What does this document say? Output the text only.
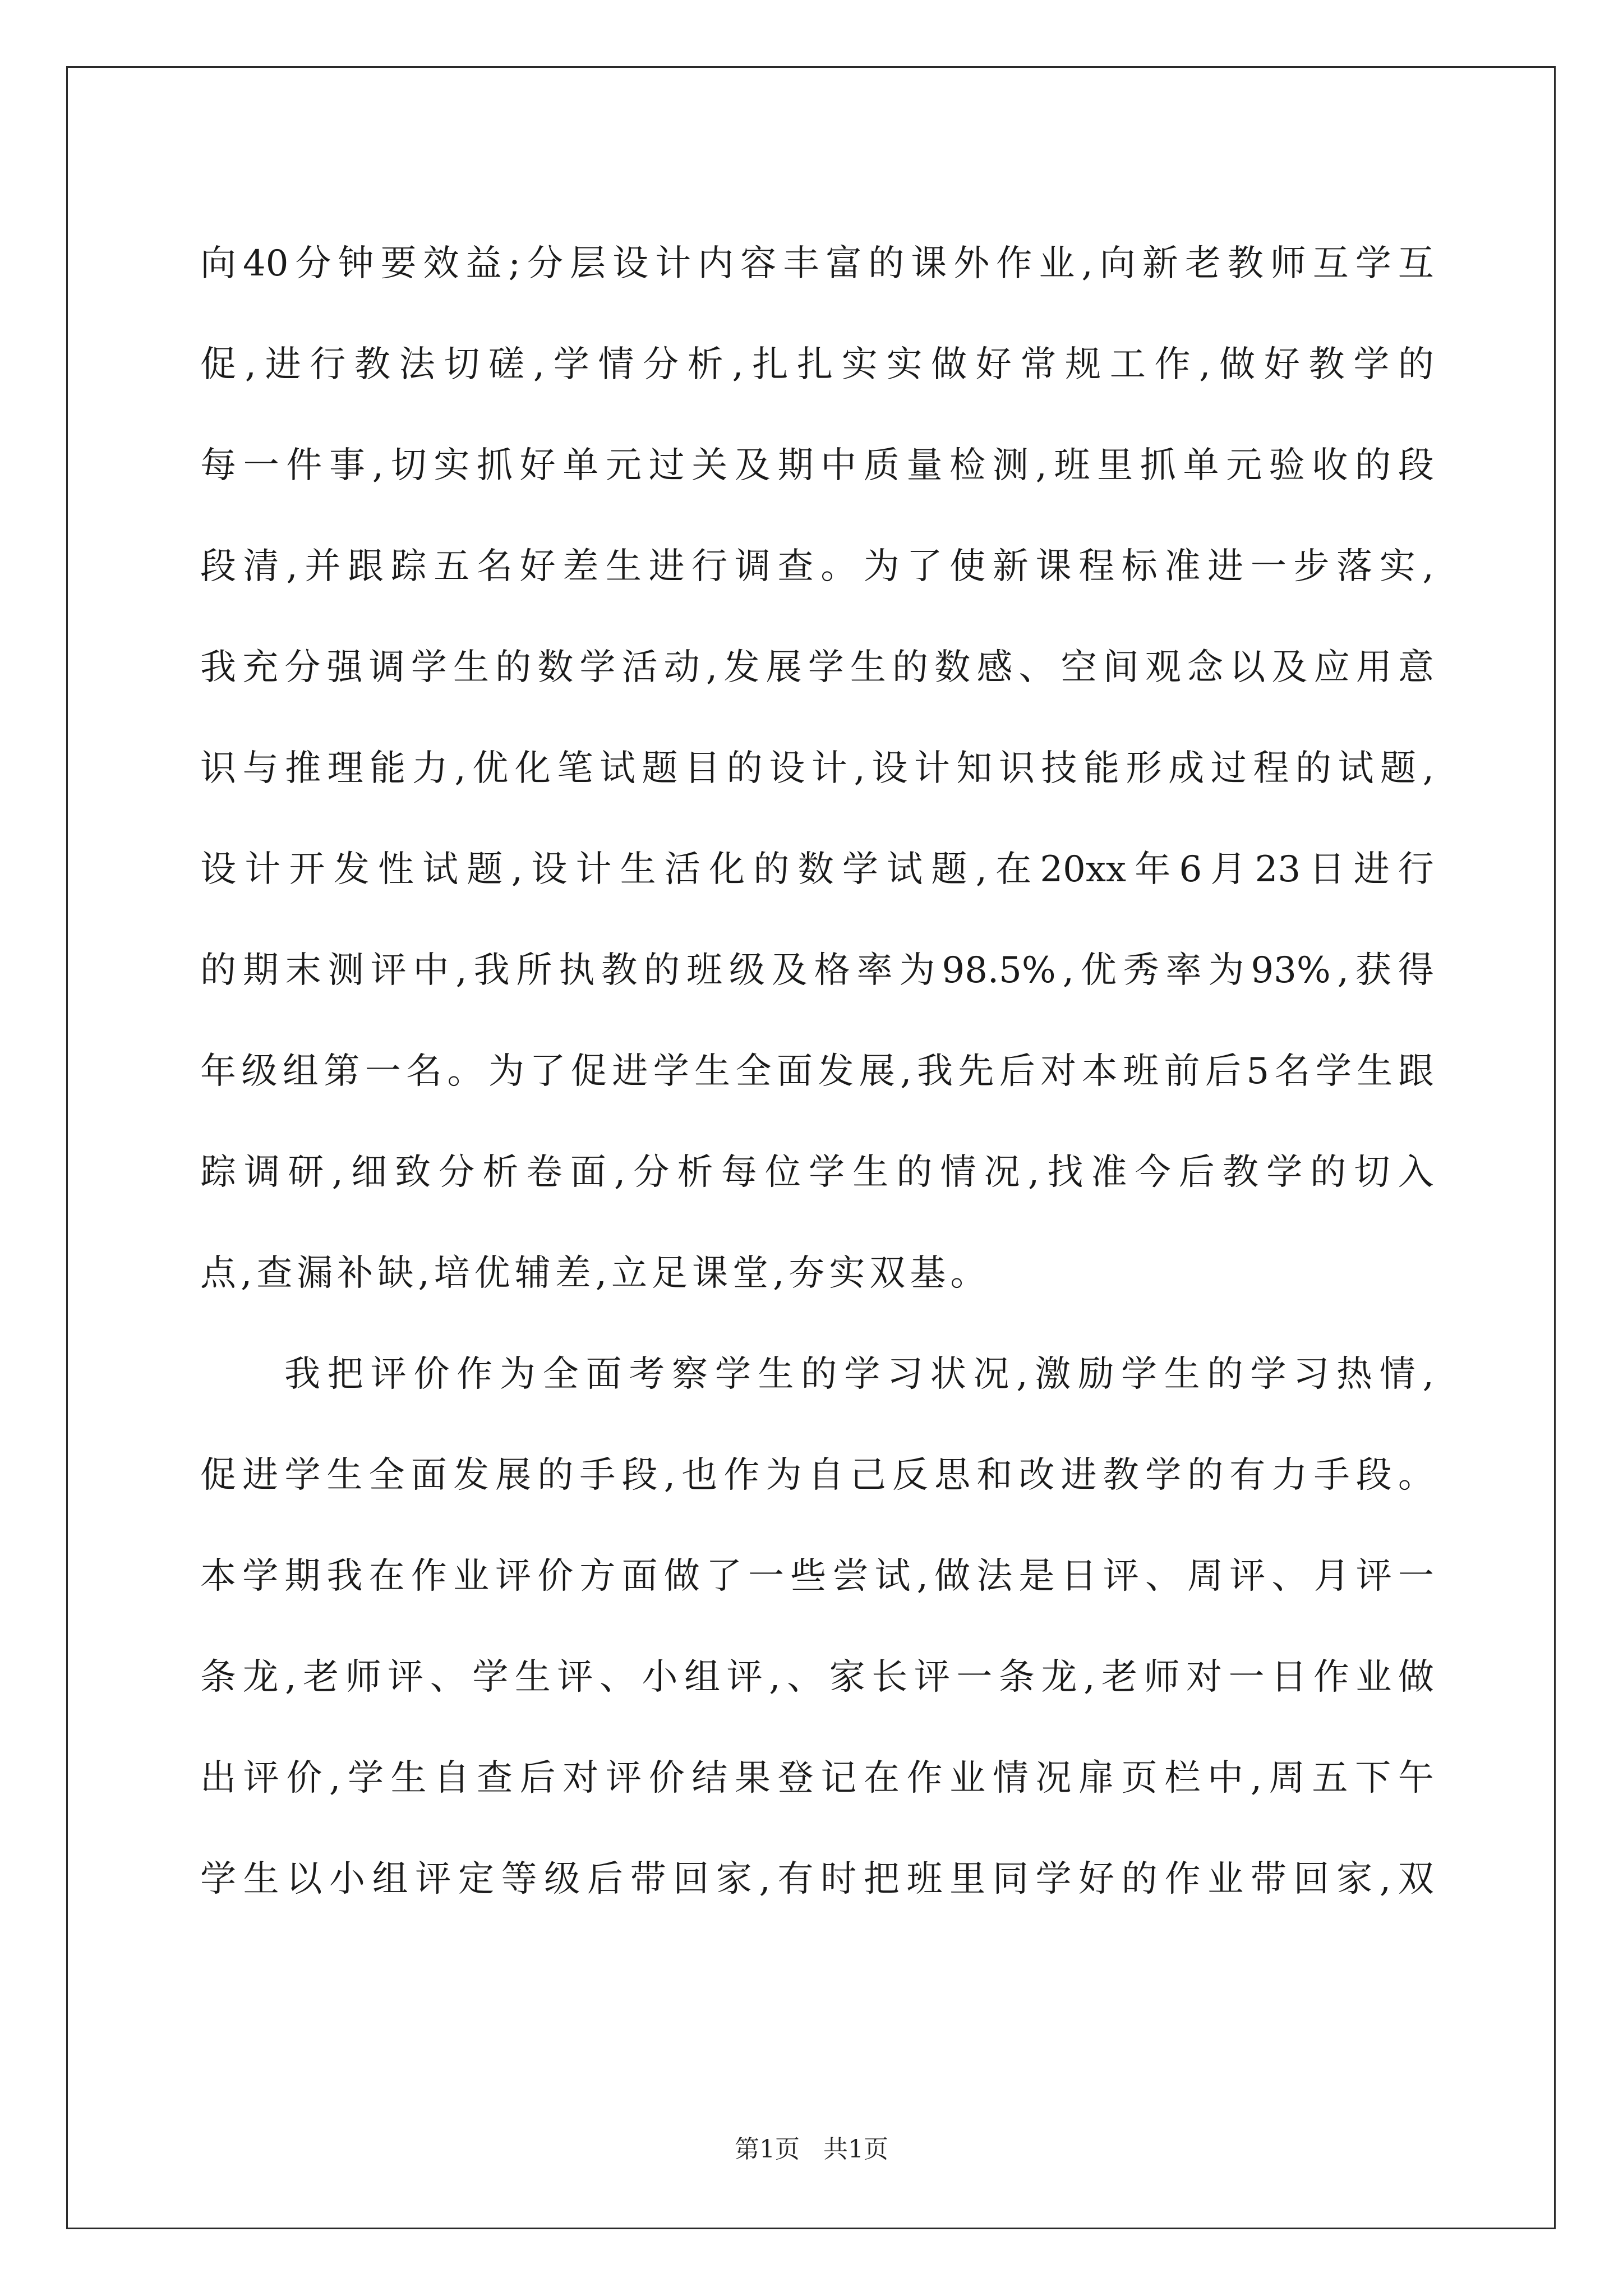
向 40 分 钟 要 效 益 ; 分 层 设 计 内 容 丰 富 的 课 外 作 业 , 向 新 老 教 师 互 学 互
促 , 进 行 教 法 切 磋 , 学 情 分 析 , 扎 扎 实 实 做 好 常 规 工 作 , 做 好 教 学 的
每 一 件 事 , 切 实 抓 好 单 元 过 关 及 期 中 质 量 检 测 , 班 里 抓 单 元 验 收 的 段
段 清 , 并 跟 踪 五 名 好 差 生 进 行 调 查 。 为 了 使 新 课 程 标 准 进 一 步 落 实 ,
我 充 分 强 调 学 生 的 数 学 活 动 , 发 展 学 生 的 数 感 、 空 间 观 念 以 及 应 用 意
识 与 推 理 能 力 , 优 化 笔 试 题 目 的 设 计 , 设 计 知 识 技 能 形 成 过 程 的 试 题 ,
设 计 开 发 性 试 题 , 设 计 生 活 化 的 数 学 试 题 , 在 20xx 年 6 月 23 日 进 行
的 期 末 测 评 中 , 我 所 执 教 的 班 级 及 格 率 为 98.5% , 优 秀 率 为 93% , 获 得
年 级 组 第 一 名 。 为 了 促 进 学 生 全 面 发 展 , 我 先 后 对 本 班 前 后 5 名 学 生 跟
踪 调 研 , 细 致 分 析 卷 面 , 分 析 每 位 学 生 的 情 况 , 找 准 今 后 教 学 的 切 入
点,查漏补缺,培优辅差,立足课堂,夯实双基。
我 把 评 价 作 为 全 面 考 察 学 生 的 学 习 状 况 , 激 励 学 生 的 学 习 热 情 ,
促 进 学 生 全 面 发 展 的 手 段 , 也 作 为 自 己 反 思 和 改 进 教 学 的 有 力 手 段 。
本 学 期 我 在 作 业 评 价 方 面 做 了 一 些 尝 试 , 做 法 是 日 评 、 周 评 、 月 评 一
条 龙 , 老 师 评 、 学 生 评 、 小 组 评 , 、 家 长 评 一 条 龙 , 老 师 对 一 日 作 业 做
出 评 价 , 学 生 自 查 后 对 评 价 结 果 登 记 在 作 业 情 况 扉 页 栏 中 , 周 五 下 午
学 生 以 小 组 评 定 等 级 后 带 回 家 , 有 时 把 班 里 同 学 好 的 作 业 带 回 家 , 双
第1页 共1页
